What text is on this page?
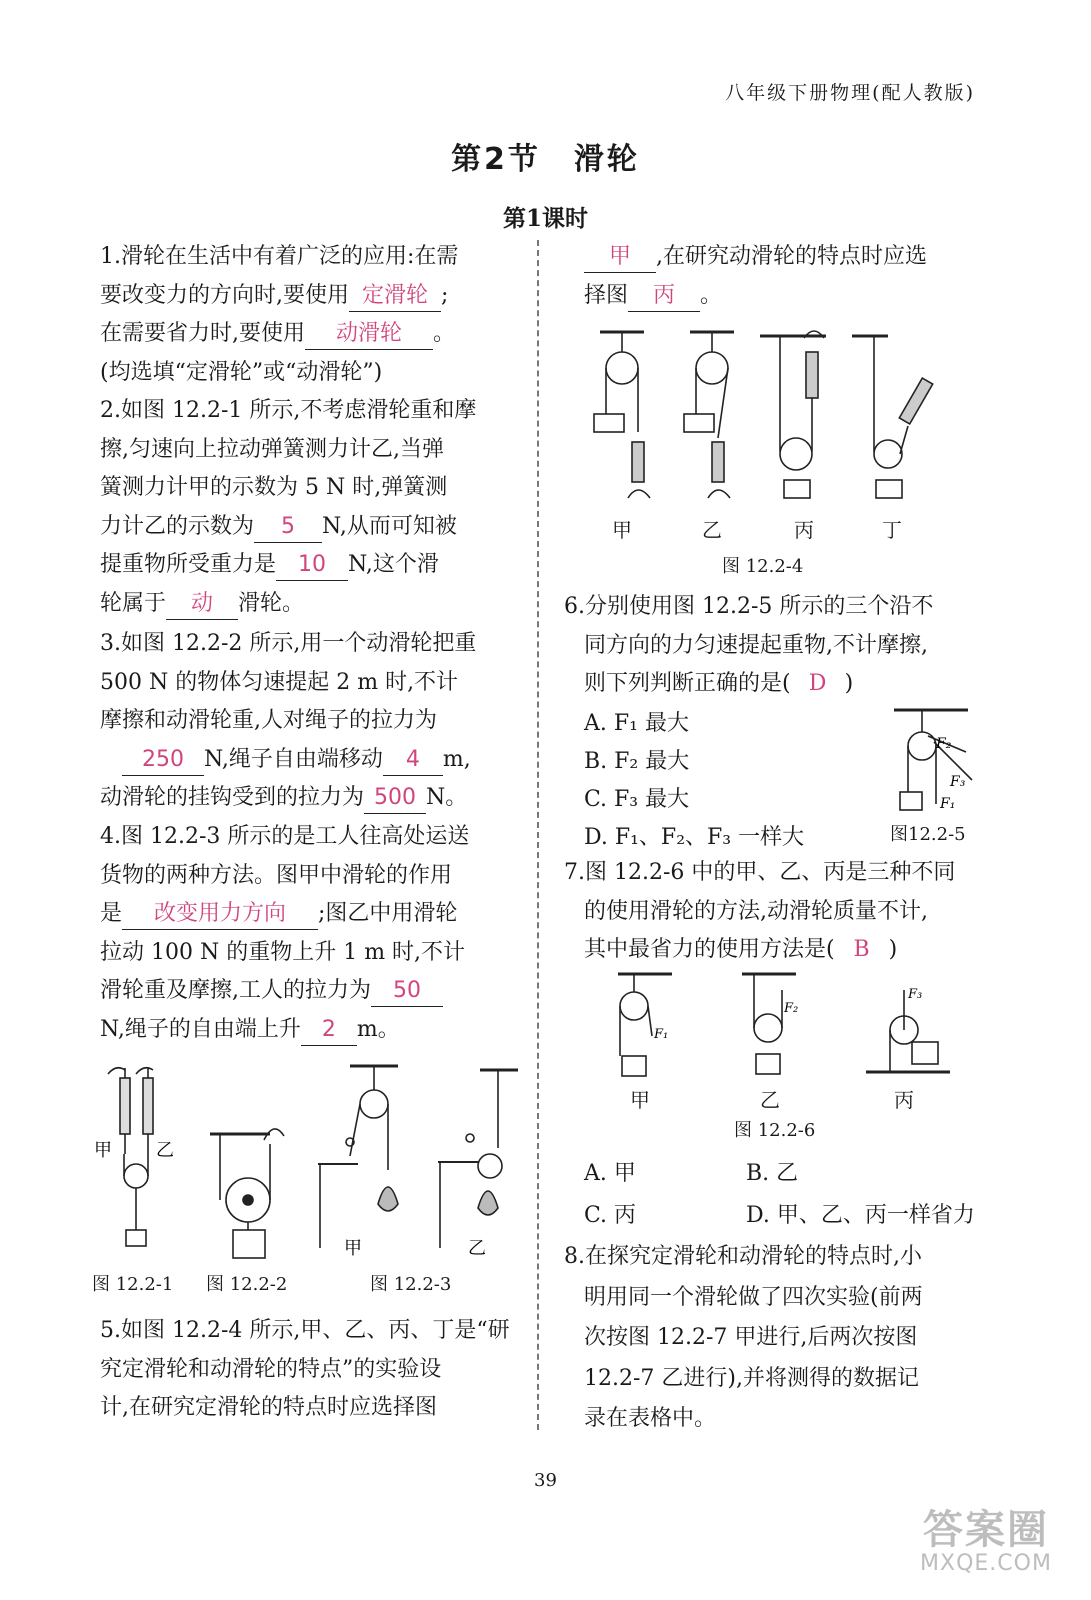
八年级下册物理(配人教版)
第2节　滑轮
第1课时

1.滑轮在生活中有着广泛的应用:在需

要改变力的方向时,要使用 定滑轮 ;

在需要省力时,要使用 动滑轮 。

(均选填“定滑轮”或“动滑轮”)

2.如图 12.2-1 所示,不考虑滑轮重和摩

擦,匀速向上拉动弹簧测力计乙,当弹

簧测力计甲的示数为 5 N 时,弹簧测

力计乙的示数为 5 N,从而可知被

提重物所受重力是 10 N,这个滑

轮属于 动 滑轮。

3.如图 12.2-2 所示,用一个动滑轮把重

500 N 的物体匀速提起 2 m 时,不计

摩擦和动滑轮重,人对绳子的拉力为

250 N,绳子自由端移动 4 m,

动滑轮的挂钩受到的拉力为 500 N。

4.图 12.2-3 所示的是工人往高处运送

货物的两种方法。图甲中滑轮的作用

是 改变用力方向 ;图乙中用滑轮

拉动 100 N 的重物上升 1 m 时,不计

滑轮重及摩擦,工人的拉力为 50

N,绳子的自由端上升 2 m。

甲 乙
甲	乙
图 12.2-1 图 12.2-2	图 12.2-3

5.如图 12.2-4 所示,甲、乙、丙、丁是“研

究定滑轮和动滑轮的特点”的实验设

计,在研究定滑轮的特点时应选择图

甲 ,在研究动滑轮的特点时应选

择图 丙 。

甲	乙	丙	丁
图 12.2-4

6.分别使用图 12.2-5 所示的三个沿不

同方向的力匀速提起重物,不计摩擦,

则下列判断正确的是( D )

A. F₁ 最大
B. F₂ 最大
C. F₃ 最大
D. F₁、F₂、F₃ 一样大
F₁
F₂
F₃
图12.2-5

7.图 12.2-6 中的甲、乙、丙是三种不同

的使用滑轮的方法,动滑轮质量不计,

其中最省力的使用方法是( B )

F₁
F₂
F₃
甲	乙	丙
图 12.2-6
A. 甲	B. 乙
C. 丙	D. 甲、乙、丙一样省力

8.在探究定滑轮和动滑轮的特点时,小

明用同一个滑轮做了四次实验(前两

次按图 12.2-7 甲进行,后两次按图

12.2-7 乙进行),并将测得的数据记

录在表格中。

39
答案圈
MXQE.COM
